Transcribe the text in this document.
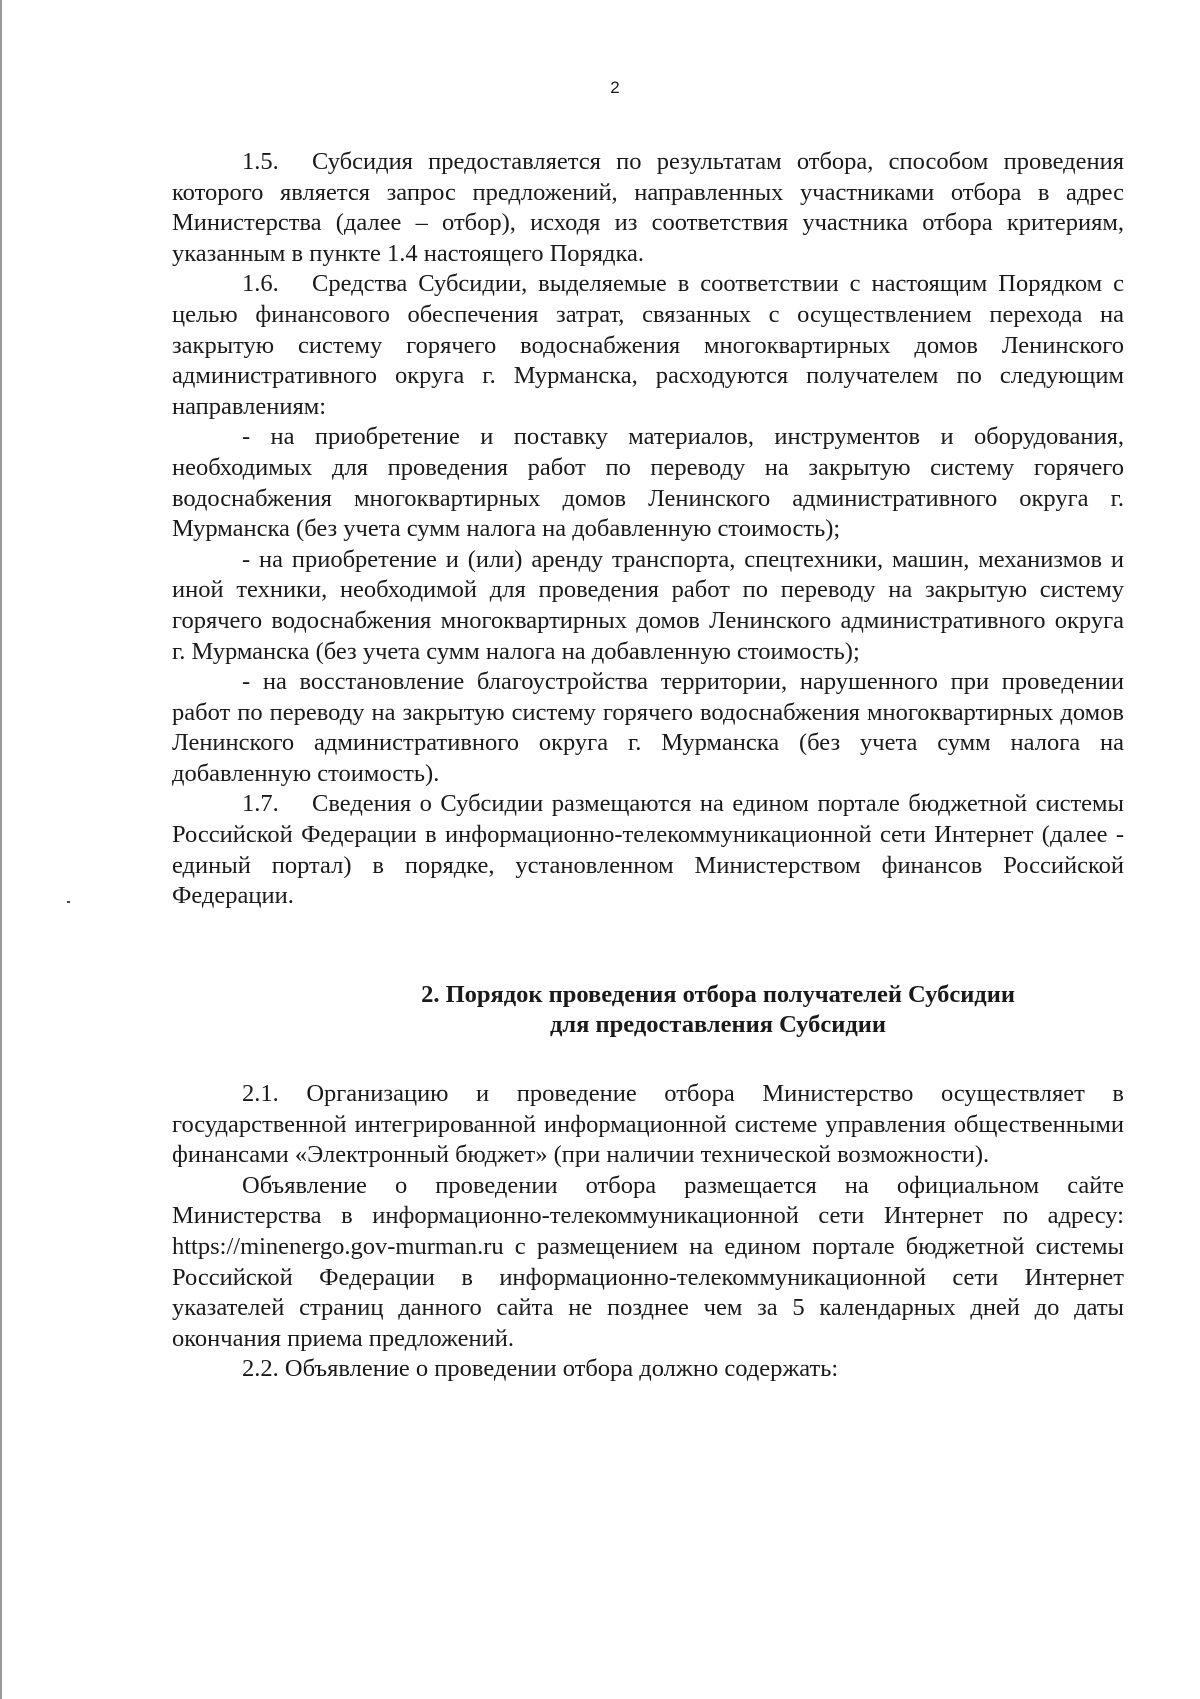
2

1.5. Субсидия предоставляется по результатам отбора, способом проведения которого является запрос предложений, направленных участниками отбора в адрес Министерства (далее – отбор), исходя из соответствия участника отбора критериям, указанным в пункте 1.4 настоящего Порядка.

1.6. Средства Субсидии, выделяемые в соответствии с настоящим Порядком с целью финансового обеспечения затрат, связанных с осуществлением перехода на закрытую систему горячего водоснабжения многоквартирных домов Ленинского административного округа г. Мурманска, расходуются получателем по следующим направлениям:

- на приобретение и поставку материалов, инструментов и оборудования, необходимых для проведения работ по переводу на закрытую систему горячего водоснабжения многоквартирных домов Ленинского административного округа г. Мурманска (без учета сумм налога на добавленную стоимость);

- на приобретение и (или) аренду транспорта, спецтехники, машин, механизмов и иной техники, необходимой для проведения работ по переводу на закрытую систему горячего водоснабжения многоквартирных домов Ленинского административного округа г. Мурманска (без учета сумм налога на добавленную стоимость);

- на восстановление благоустройства территории, нарушенного при проведении работ по переводу на закрытую систему горячего водоснабжения многоквартирных домов Ленинского административного округа г. Мурманска (без учета сумм налога на добавленную стоимость).

1.7. Сведения о Субсидии размещаются на едином портале бюджетной системы Российской Федерации в информационно-телекоммуникационной сети Интернет (далее - единый портал) в порядке, установленном Министерством финансов Российской Федерации.

2. Порядок проведения отбора получателей Субсидии
для предоставления Субсидии

2.1. Организацию и проведение отбора Министерство осуществляет в государственной интегрированной информационной системе управления общественными финансами «Электронный бюджет» (при наличии технической возможности).

Объявление о проведении отбора размещается на официальном сайте Министерства в информационно-телекоммуникационной сети Интернет по адресу: https://minenergo.gov-murman.ru с размещением на едином портале бюджетной системы Российской Федерации в информационно-телекоммуникационной сети Интернет указателей страниц данного сайта не позднее чем за 5 календарных дней до даты окончания приема предложений.

2.2. Объявление о проведении отбора должно содержать:
